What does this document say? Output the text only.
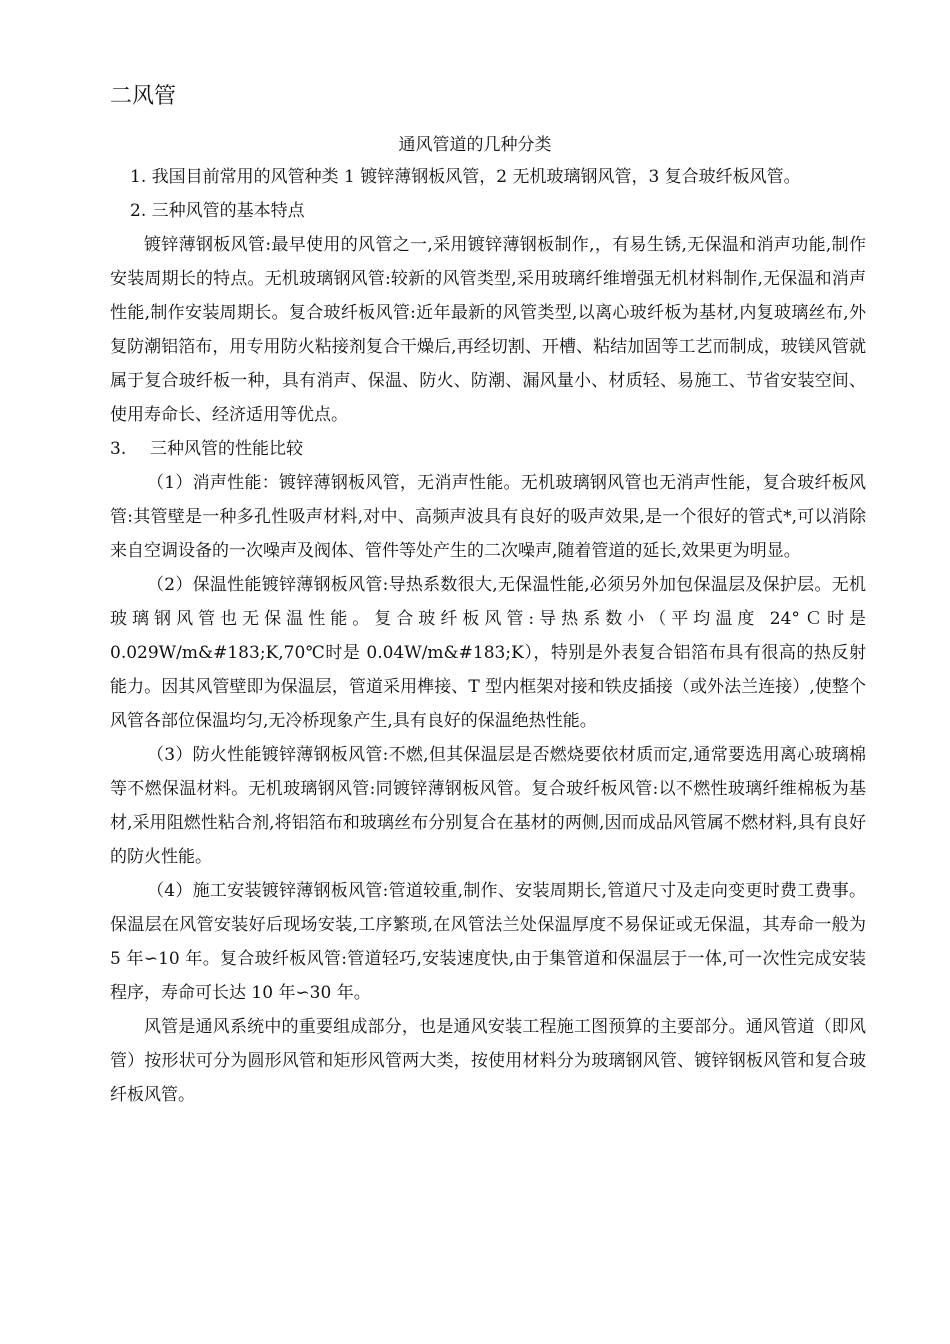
二风管
通风管道的几种分类

1. 我国目前常用的风管种类 1 镀锌薄钢板风管，2 无机玻璃钢风管，3 复合玻纤板风管。

2. 三种风管的基本特点

镀锌薄钢板风管:最早使用的风管之一,采用镀锌薄钢板制作,，有易生锈,无保温和消声功能,制作安装周期长的特点。无机玻璃钢风管:较新的风管类型,采用玻璃纤维增强无机材料制作,无保温和消声性能,制作安装周期长。复合玻纤板风管:近年最新的风管类型,以离心玻纤板为基材,内复玻璃丝布,外复防潮铝箔布，用专用防火粘接剂复合干燥后,再经切割、开槽、粘结加固等工艺而制成，玻镁风管就属于复合玻纤板一种，具有消声、保温、防火、防潮、漏风量小、材质轻、易施工、节省安装空间、使用寿命长、经济适用等优点。

3. 三种风管的性能比较

（1）消声性能：镀锌薄钢板风管，无消声性能。无机玻璃钢风管也无消声性能，复合玻纤板风管:其管壁是一种多孔性吸声材料,对中、高频声波具有良好的吸声效果,是一个很好的管式*,可以消除来自空调设备的一次噪声及阀体、管件等处产生的二次噪声,随着管道的延长,效果更为明显。

（2）保温性能镀锌薄钢板风管:导热系数很大,无保温性能,必须另外加包保温层及保护层。无机玻璃钢风管也无保温性能。复合玻纤板风管:导热系数小（平均温度 24°Ｃ时是 0.029W/m&#183;K,70℃时是 0.04W/m&#183;K），特别是外表复合铝箔布具有很高的热反射能力。因其风管壁即为保温层，管道采用榫接、T 型内框架对接和铁皮插接（或外法兰连接）,使整个风管各部位保温均匀,无冷桥现象产生,具有良好的保温绝热性能。

（3）防火性能镀锌薄钢板风管:不燃,但其保温层是否燃烧要依材质而定,通常要选用离心玻璃棉等不燃保温材料。无机玻璃钢风管:同镀锌薄钢板风管。复合玻纤板风管:以不燃性玻璃纤维棉板为基材,采用阻燃性粘合剂,将铝箔布和玻璃丝布分别复合在基材的两侧,因而成品风管属不燃材料,具有良好的防火性能。

（4）施工安装镀锌薄钢板风管:管道较重,制作、安装周期长,管道尺寸及走向变更时费工费事。保温层在风管安装好后现场安装,工序繁琐,在风管法兰处保温厚度不易保证或无保温，其寿命一般为 5 年∽10 年。复合玻纤板风管:管道轻巧,安装速度快,由于集管道和保温层于一体,可一次性完成安装程序，寿命可长达 10 年∽30 年。

风管是通风系统中的重要组成部分，也是通风安装工程施工图预算的主要部分。通风管道（即风管）按形状可分为圆形风管和矩形风管两大类，按使用材料分为玻璃钢风管、镀锌钢板风管和复合玻纤板风管。
